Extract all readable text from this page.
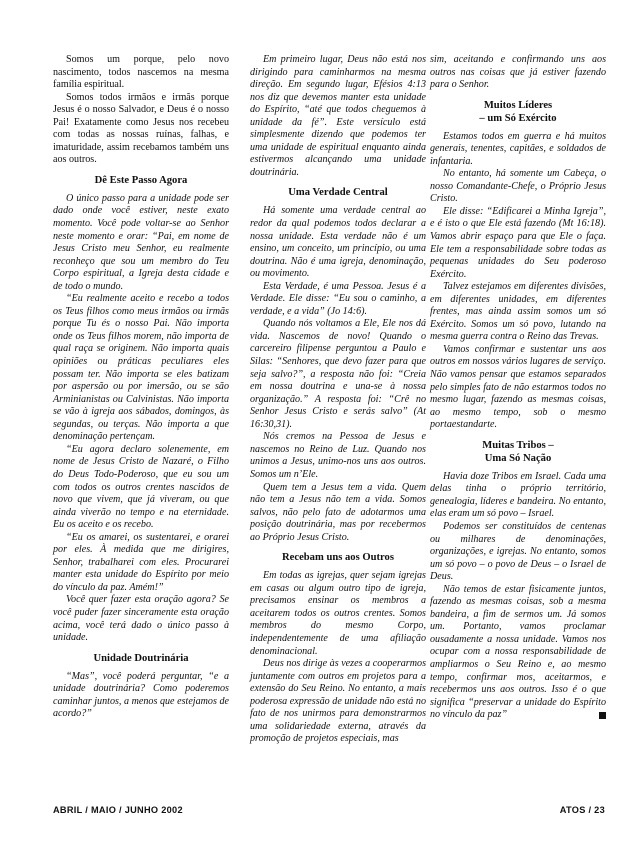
Somos um porque, pelo novo nascimento, todos nascemos na mesma família espiritual.

Somos todos irmãos e irmãs porque Jesus é o nosso Salvador, e Deus é o nosso Pai! Exatamente como Jesus nos recebeu com todas as nossas ruínas, falhas, e imaturidade, assim recebamos também uns aos outros.

Dê Este Passo Agora

O único passo para a unidade pode ser dado onde você estiver, neste exato momento. Você pode voltar-se ao Senhor neste momento e orar: “Pai, em nome de Jesus Cristo meu Senhor, eu realmente reconheço que sou um membro do Teu Corpo espiritual, a Igreja desta cidade e de todo o mundo.

“Eu realmente aceito e recebo a todos os Teus filhos como meus irmãos ou irmãs porque Tu és o nosso Pai. Não importa onde os Teus filhos morem, não importa de qual raça se originem. Não importa quais opiniões ou práticas peculiares eles possam ter. Não importa se eles batizam por aspersão ou por imersão, ou se são Arminianistas ou Calvinistas. Não importa se vão à igreja aos sábados, domingos, às segundas, ou terças. Não importa a que denominação pertençam.

“Eu agora declaro solenemente, em nome de Jesus Cristo de Nazaré, o Filho do Deus Todo-Poderoso, que eu sou um com todos os outros crentes nascidos de novo que vivem, que já viveram, ou que ainda viverão no tempo e na eternidade. Eu os aceito e os recebo.

“Eu os amarei, os sustentarei, e orarei por eles. À medida que me dirigires, Senhor, trabalharei com eles. Procurarei manter esta unidade do Espírito por meio do vínculo da paz. Amém!”

Você quer fazer esta oração agora? Se você puder fazer sinceramente esta oração acima, você terá dado o único passo à unidade.

Unidade Doutrinária

“Mas”, você poderá perguntar, “e a unidade doutrinária? Como poderemos caminhar juntos, a menos que estejamos de acordo?”

Em primeiro lugar, Deus não está nos dirigindo para caminharmos na mesma direção. Em segundo lugar, Efésios 4:13 nos diz que devemos manter esta unidade do Espírito, “até que todos cheguemos à unidade da fé”. Este versículo está simplesmente dizendo que podemos ter uma unidade de espiritual enquanto ainda estivermos alcançando uma unidade doutrinária.

Uma Verdade Central

Há somente uma verdade central ao redor da qual podemos todos declarar a nossa unidade. Esta verdade não é um ensino, um conceito, um princípio, ou uma doutrina. Não é uma igreja, denominação, ou movimento.

Esta Verdade, é uma Pessoa. Jesus é a Verdade. Ele disse: “Eu sou o caminho, a verdade, e a vida” (Jo 14:6).

Quando nós voltamos a Ele, Ele nos dá vida. Nascemos de novo! Quando o carcereiro filipense perguntou a Paulo e Silas: “Senhores, que devo fazer para que seja salvo?”, a resposta não foi: “Creia em nossa doutrina e una-se à nossa organização.” A resposta foi: “Crê no Senhor Jesus Cristo e serás salvo” (At 16:30,31).

Nós cremos na Pessoa de Jesus e nascemos no Reino de Luz. Quando nos unimos a Jesus, unimo-nos uns aos outros. Somos um n’Ele.

Quem tem a Jesus tem a vida. Quem não tem a Jesus não tem a vida. Somos salvos, não pelo fato de adotarmos uma posição doutrinária, mas por recebermos ao Próprio Jesus Cristo.

Recebam uns aos Outros

Em todas as igrejas, quer sejam igrejas em casas ou algum outro tipo de igreja, precisamos ensinar os membros a aceitarem todos os outros crentes. Somos membros do mesmo Corpo, independentemente de uma afiliação denominacional.

Deus nos dirige às vezes a cooperarmos juntamente com outros em projetos para a extensão do Seu Reino. No entanto, a mais poderosa expressão de unidade não está no fato de nos unirmos para demonstrarmos uma solidariedade externa, através da promoção de projetos especiais, mas

sim, aceitando e confirmando uns aos outros nas coisas que já estiver fazendo para o Senhor.

Muitos Líderes
– um Só Exército

Estamos todos em guerra e há muitos generais, tenentes, capitães, e soldados de infantaria.

No entanto, há somente um Cabeça, o nosso Comandante-Chefe, o Próprio Jesus Cristo.

Ele disse: “Edificarei a Minha Igreja”, e é isto o que Ele está fazendo (Mt 16:18). Vamos abrir espaço para que Ele o faça. Ele tem a responsabilidade sobre todas as pequenas unidades do Seu poderoso Exército.

Talvez estejamos em diferentes divisões, em diferentes unidades, em diferentes frentes, mas ainda assim somos um só Exército. Somos um só povo, lutando na mesma guerra contra o Reino das Trevas.

Vamos confirmar e sustentar uns aos outros em nossos vários lugares de serviço. Não vamos pensar que estamos separados pelo simples fato de não estarmos todos no mesmo lugar, fazendo as mesmas coisas, ao mesmo tempo, sob o mesmo portaestandarte.

Muitas Tribos –
Uma Só Nação

Havia doze Tribos em Israel. Cada uma delas tinha o próprio território, genealogia, líderes e bandeira. No entanto, elas eram um só povo – Israel.

Podemos ser constituídos de centenas ou milhares de denominações, organizações, e igrejas. No entanto, somos um só povo – o povo de Deus – o Israel de Deus.

Não temos de estar fisicamente juntos, fazendo as mesmas coisas, sob a mesma bandeira, a fim de sermos um. Já somos um. Portanto, vamos proclamar ousadamente a nossa unidade. Vamos nos ocupar com a nossa responsabilidade de ampliarmos o Seu Reino e, ao mesmo tempo, confirmar mos, aceitarmos, e recebermos uns aos outros. Isso é o que significa “preservar a unidade do Espírito no vínculo da paz”

ABRIL / MAIO / JUNHO 2002	ATOS / 23
